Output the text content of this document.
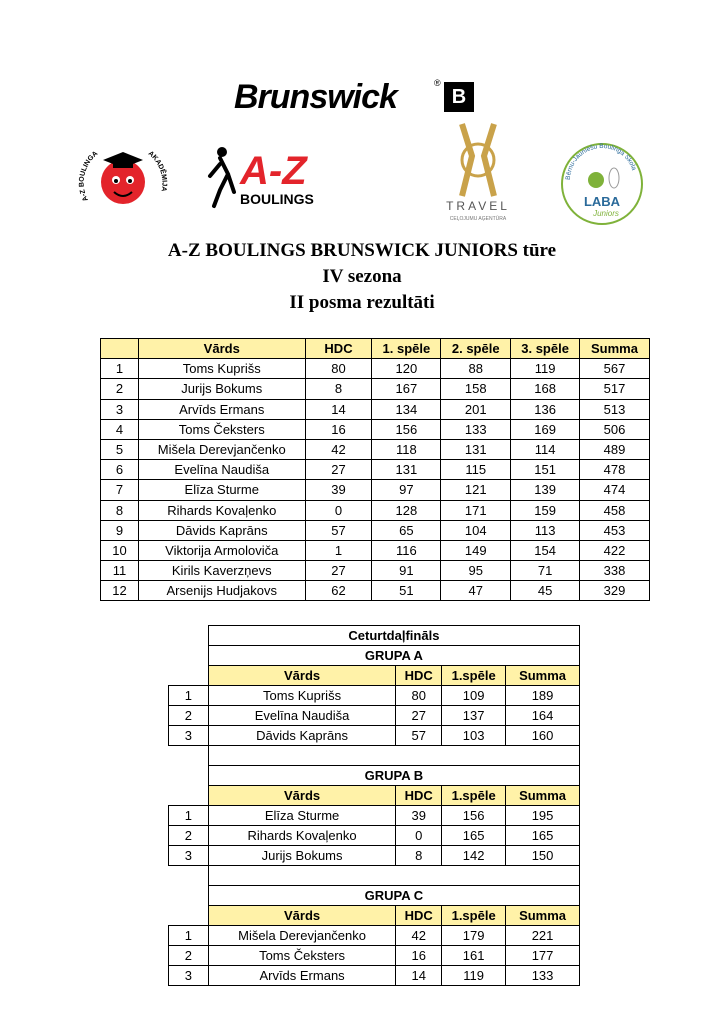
Brunswick	®
B
A-Z BOULINGA	AKADĒMIJA A-Z
BOULINGS	TRAVEL
CEĻOJUMU AĢENTŪRA
Bērnu-Jauniešu Boulinga Skola
LABA
Juniors
A-Z BOULINGS BRUNSWICK JUNIORS tūre
IV sezona
II posma rezultāti
	Vārds	HDC	1. spēle	2. spēle	3. spēle	Summa
1	Toms Kuprišs	80	120	88	119	567
2	Jurijs Bokums	8	167	158	168	517
3	Arvīds Ermans	14	134	201	136	513
4	Toms Čeksters	16	156	133	169	506
5	Mišela Derevjančenko	42	118	131	114	489
6	Evelīna Naudiša	27	131	115	151	478
7	Elīza Sturme	39	97	121	139	474
8	Rihards Kovaļenko	0	128	171	159	458
9	Dāvids Kaprāns	57	65	104	113	453
10	Viktorija Armoloviča	1	116	149	154	422
11	Kirils Kaverzņevs	27	91	95	71	338
12	Arsenijs Hudjakovs	62	51	47	45	329
	Ceturtdaļfināls			
	GRUPA A			
	Vārds	HDC	1.spēle	Summa
1	Toms Kuprišs	80	109	189
2	Evelīna Naudiša	27	137	164
3	Dāvids Kaprāns	57	103	160

	GRUPA B			
	Vārds	HDC	1.spēle	Summa
1	Elīza Sturme	39	156	195
2	Rihards Kovaļenko	0	165	165
3	Jurijs Bokums	8	142	150

	GRUPA C			
	Vārds	HDC	1.spēle	Summa
1	Mišela Derevjančenko	42	179	221
2	Toms Čeksters	16	161	177
3	Arvīds Ermans	14	119	133
